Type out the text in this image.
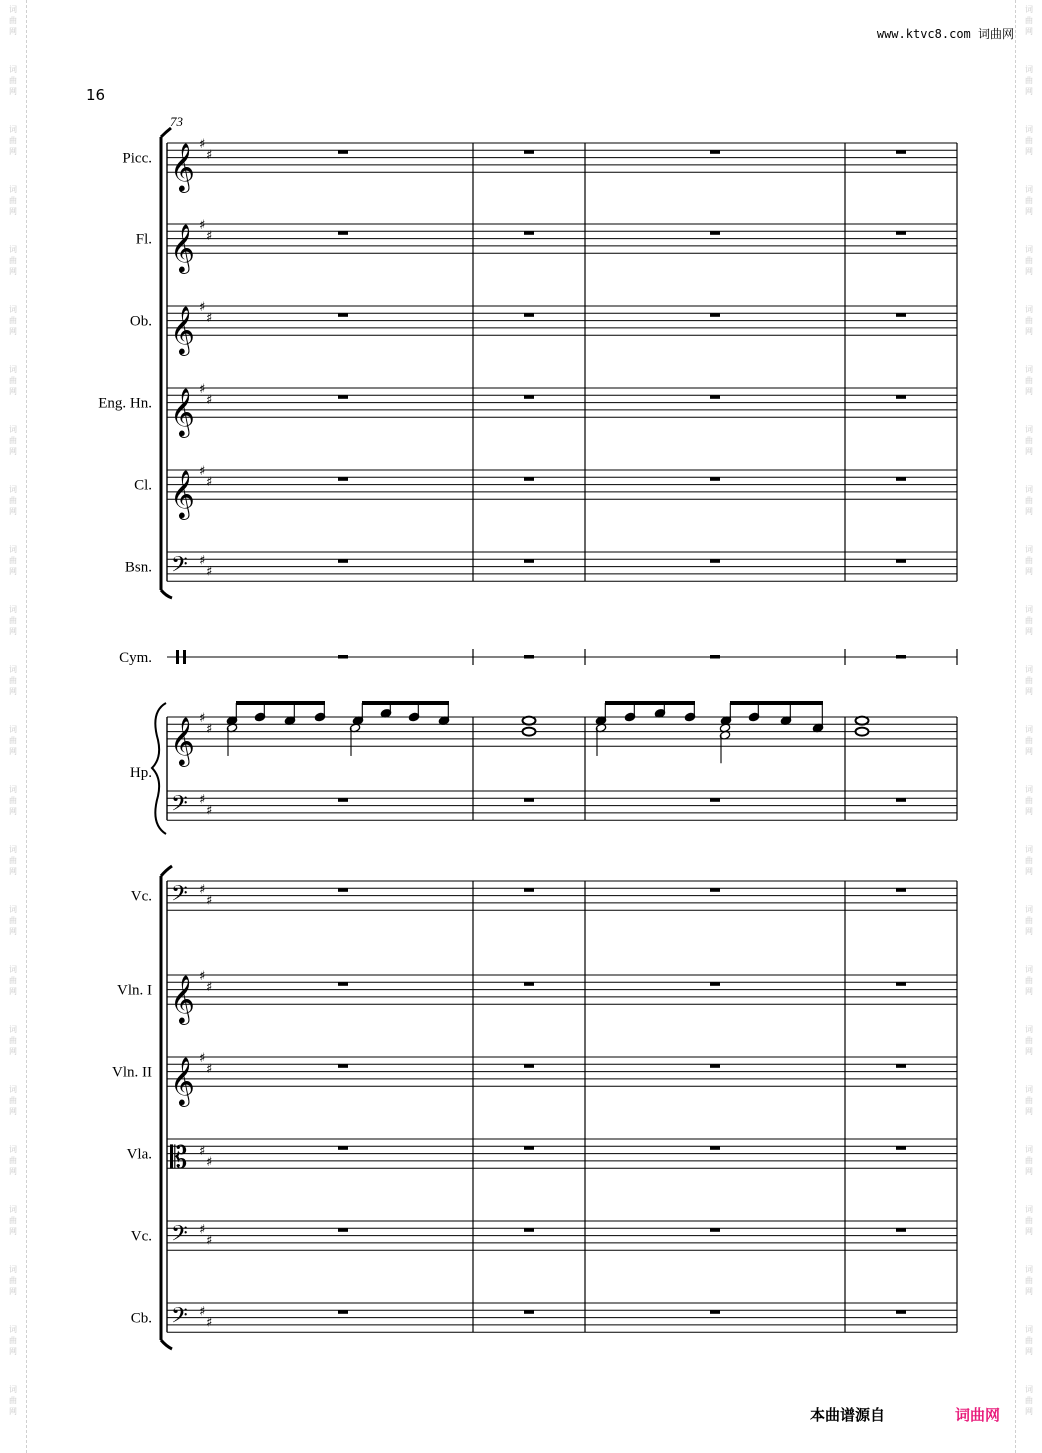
词
曲
网
词
曲
网
词
曲
网
词
曲
网
词
曲
网
词
曲
网
词
曲
网
词
曲
网
词
曲
网
词
曲
网
词
曲
网
词
曲
网
词
曲
网
词
曲
网
词
曲
网
词
曲
网
词
曲
网
词
曲
网
词
曲
网
词
曲
网
词
曲
网
词
曲
网
词
曲
网
词
曲
网
词
曲
网
词
曲
网
词
曲
网
词
曲
网
词
曲
网
词
曲
网
词
曲
网
词
曲
网
词
曲
网
词
曲
网
词
曲
网
词
曲
网
词
曲
网
词
曲
网
词
曲
网
词
曲
网
词
曲
网
词
曲
网
词
曲
网
词
曲
网
词
曲
网
词
曲
网
词
曲
网
词
曲
网
www.ktvc8.com 词曲网
16
73
𝄞 ♯
♯
Picc.
𝄞 ♯
♯
Fl.
𝄞 ♯
♯
Ob.
𝄞 ♯
♯
Eng. Hn.
𝄞 ♯
♯
Cl.
𝄢 ♯
♯
Bsn.
Cym.
𝄞 ♯
♯
𝄢 ♯
♯
Hp.
𝄢 ♯
♯
Vc.
𝄞 ♯
♯
Vln. I
𝄞 ♯
♯
Vln. II
𝄡 ♯
♯
Vla.
𝄢 ♯
♯
Vc.
𝄢 ♯
♯
Cb.
本曲谱源自	词曲网
